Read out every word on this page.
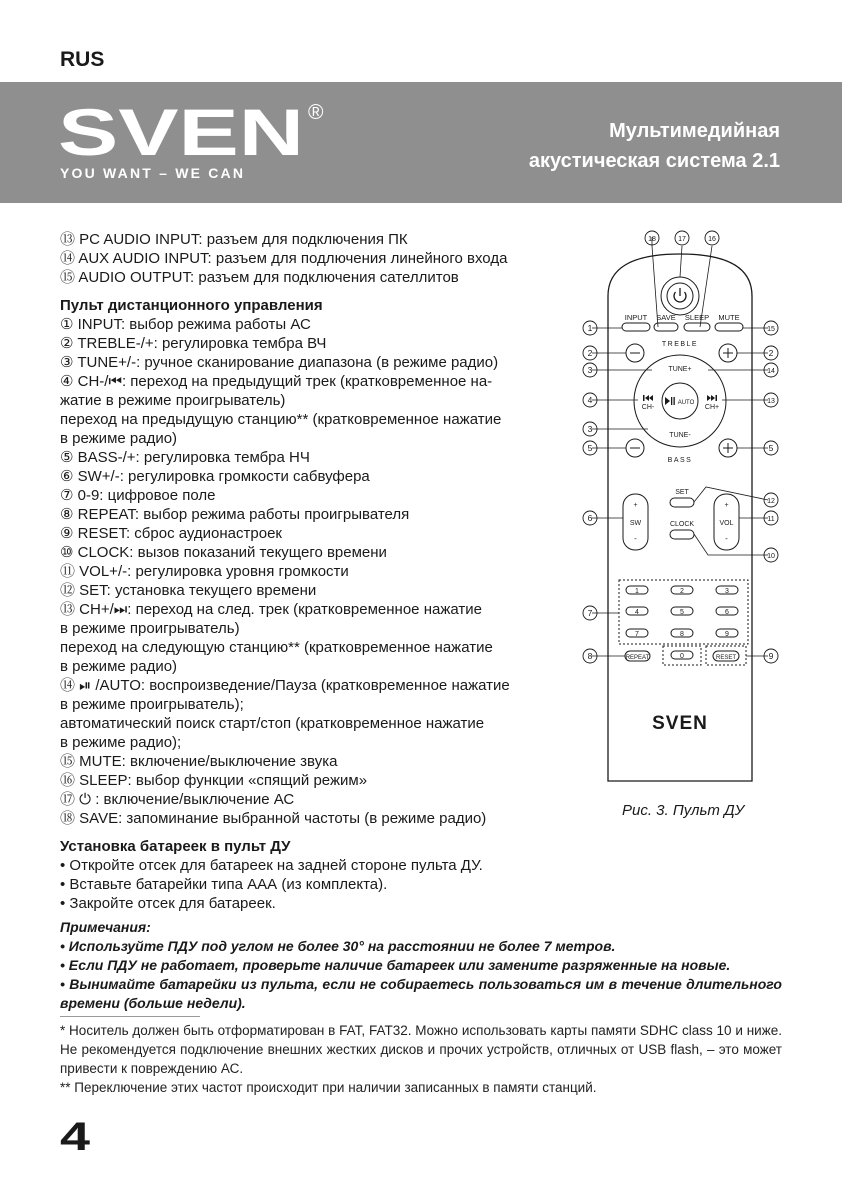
RUS
SVEN ®
YOU WANT – WE CAN
Мультимедийная
акустическая система 2.1
⑬ PC AUDIO INPUT: разъем для подключения ПК
⑭ AUX AUDIO INPUT: разъем для подлючения линейного входа
⑮ AUDIO OUTPUT: разъем для подключения сателлитов
Пульт дистанционного управления
① INPUT: выбор режима работы АС
② TREBLE-/+: регулировка тембра ВЧ
③ TUNE+/-: ручное сканирование диапазона (в режиме радио)
④ CH-/⏮: переход на предыдущий трек (кратковременное на-
жатие в режиме проигрыватель)
переход на предыдущую станцию** (кратковременное нажатие
в режиме радио)
⑤ BASS-/+: регулировка тембра НЧ
⑥ SW+/-: регулировка громкости сабвуфера
⑦ 0-9: цифровое поле
⑧ REPEAT: выбор режима работы проигрывателя
⑨ RESET: сброс аудионастроек
⑩ CLOCK: вызов показаний текущего времени
⑪ VOL+/-: регулировка уровня громкости
⑫ SET: установка текущего времени
⑬ CH+/⏭: переход на след. трек (кратковременное нажатие
в режиме проигрыватель)
переход на следующую станцию** (кратковременное нажатие
в режиме радио)
⑭ ⏯ /AUTO: воспроизведение/Пауза (кратковременное нажатие
в режиме проигрыватель);
автоматический поиск старт/стоп (кратковременное нажатие
в режиме радио);
⑮ MUTE: включение/выключение звука
⑯ SLEEP: выбор функции «спящий режим»
⑰ ⏻ : включение/выключение АС
⑱ SAVE: запоминание выбранной частоты (в режиме радио)
Установка батареек в пульт ДУ
• Откройте отсек для батареек на задней стороне пульта ДУ.
• Вставьте батарейки типа ААА (из комплекта).
• Закройте отсек для батареек.
Примечания:
• Используйте ПДУ под углом не более 30° на расстоянии не более 7 метров.
• Если ПДУ не работает, проверьте наличие батареек или замените разряженные на новые.
• Вынимайте батарейки из пульта, если не собираетесь пользоваться им в течение длительного времени (больше недели).
* Носитель должен быть отформатирован в FAT, FAT32. Можно использовать карты памяти SDHC class 10 и ниже. Не рекомендуется подключение внешних жестких дисков и прочих устройств, отличных от USB flash, – это может привести к повреждению АС.
** Переключение этих частот происходит при наличии записанных в памяти станций.
4
INPUT SAVE SLEEP MUTE
TREBLE
TUNE+
TUNE-
CH-	CH+
AUTO
BASS
+
SW
-
+
VOL
-
SET
CLOCK
1	2	3
4	5	6
7	8	9
REPEAT	0	RESET
SVEN
1
2
3
4
3
5
6
7
8
15
2
14
13
5
12
11
10
9
18	17	16
Рис. 3. Пульт ДУ
